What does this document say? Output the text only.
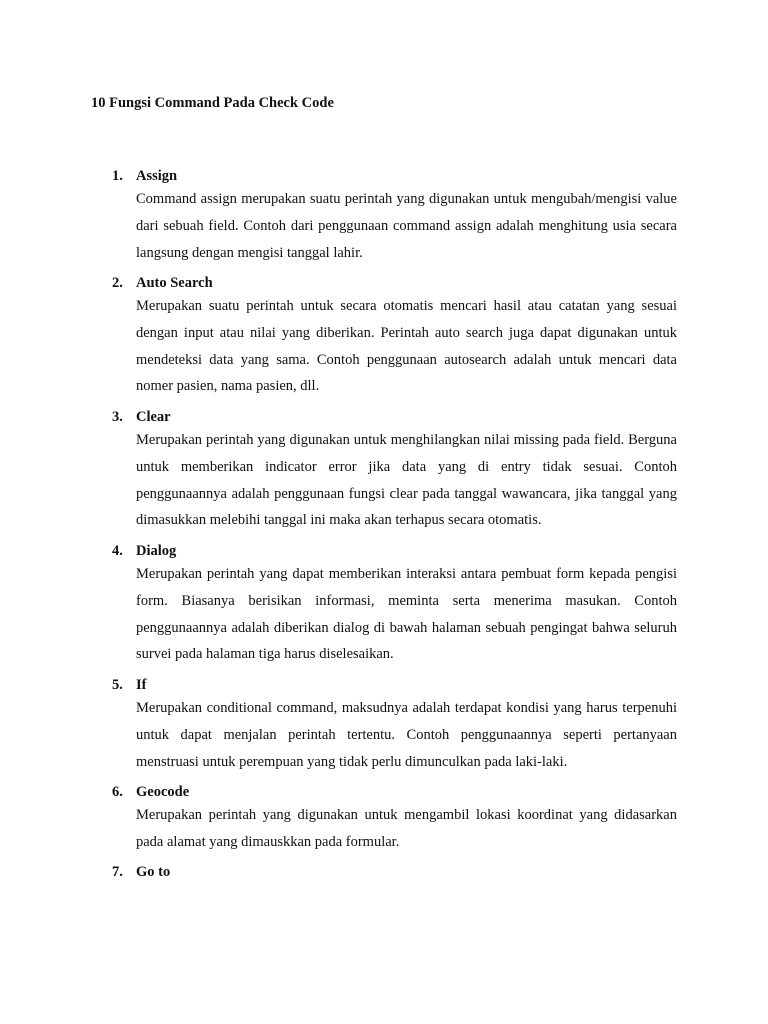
10 Fungsi Command Pada Check Code
1. Assign

Command assign merupakan suatu perintah yang digunakan untuk mengubah/mengisi value dari sebuah field. Contoh dari penggunaan command assign adalah menghitung usia secara langsung dengan mengisi tanggal lahir.

2. Auto Search

Merupakan suatu perintah untuk secara otomatis mencari hasil atau catatan yang sesuai dengan input atau nilai yang diberikan. Perintah auto search juga dapat digunakan untuk mendeteksi data yang sama. Contoh penggunaan autosearch adalah untuk mencari data nomer pasien, nama pasien, dll.

3. Clear

Merupakan perintah yang digunakan untuk menghilangkan nilai missing pada field. Berguna untuk memberikan indicator error jika data yang di entry tidak sesuai. Contoh penggunaannya adalah penggunaan fungsi clear pada tanggal wawancara, jika tanggal yang dimasukkan melebihi tanggal ini maka akan terhapus secara otomatis.

4. Dialog

Merupakan perintah yang dapat memberikan interaksi antara pembuat form kepada pengisi form. Biasanya berisikan informasi, meminta serta menerima masukan. Contoh penggunaannya adalah diberikan dialog di bawah halaman sebuah pengingat bahwa seluruh survei pada halaman tiga harus diselesaikan.

5. If

Merupakan conditional command, maksudnya adalah terdapat kondisi yang harus terpenuhi untuk dapat menjalan perintah tertentu. Contoh penggunaannya seperti pertanyaan menstruasi untuk perempuan yang tidak perlu dimunculkan pada laki-laki.

6. Geocode

Merupakan perintah yang digunakan untuk mengambil lokasi koordinat yang didasarkan pada alamat yang dimauskkan pada formular.

7. Go to
